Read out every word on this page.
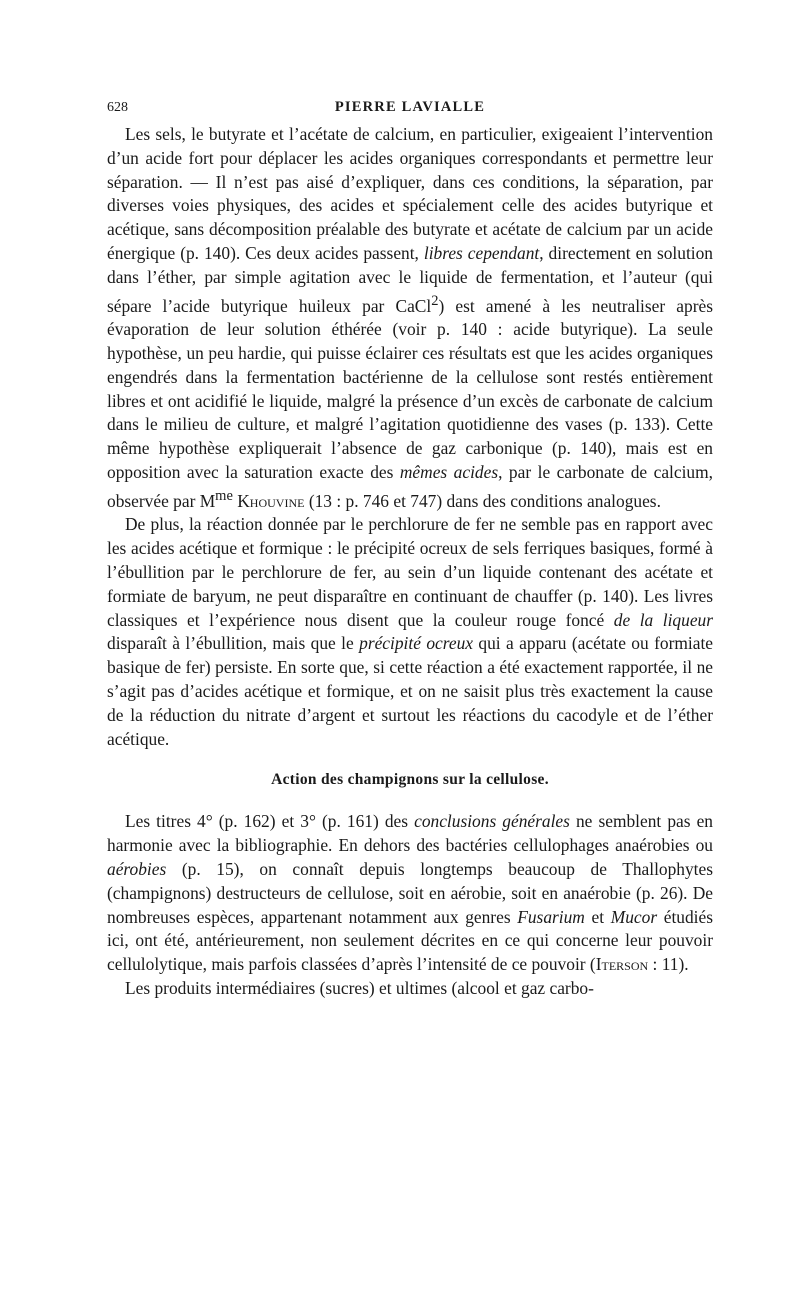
628	PIERRE LAVIALLE

Les sels, le butyrate et l’acétate de calcium, en particulier, exigeaient l’intervention d’un acide fort pour déplacer les acides organiques correspondants et permettre leur séparation. — Il n’est pas aisé d’expliquer, dans ces conditions, la séparation, par diverses voies physiques, des acides et spécialement celle des acides butyrique et acétique, sans décomposition préalable des butyrate et acétate de calcium par un acide énergique (p. 140). Ces deux acides passent, libres cependant, directement en solution dans l’éther, par simple agitation avec le liquide de fermentation, et l’auteur (qui sépare l’acide butyrique huileux par CaCl$^2$) est amené à les neutraliser après évaporation de leur solution éthérée (voir p. 140 : acide butyrique). La seule hypothèse, un peu hardie, qui puisse éclairer ces résultats est que les acides organiques engendrés dans la fermentation bactérienne de la cellulose sont restés entièrement libres et ont acidifié le liquide, malgré la présence d’un excès de carbonate de calcium dans le milieu de culture, et malgré l’agitation quotidienne des vases (p. 133). Cette même hypothèse expliquerait l’absence de gaz carbonique (p. 140), mais est en opposition avec la saturation exacte des mêmes acides, par le carbonate de calcium, observée par $M^{me}$ Khouvine (13 : p. 746 et 747) dans des conditions analogues.

De plus, la réaction donnée par le perchlorure de fer ne semble pas en rapport avec les acides acétique et formique : le précipité ocreux de sels ferriques basiques, formé à l’ébullition par le perchlorure de fer, au sein d’un liquide contenant des acétate et formiate de baryum, ne peut disparaître en continuant de chauffer (p. 140). Les livres classiques et l’expérience nous disent que la couleur rouge foncé de la liqueur disparaît à l’ébullition, mais que le précipité ocreux qui a apparu (acétate ou formiate basique de fer) persiste. En sorte que, si cette réaction a été exactement rapportée, il ne s’agit pas d’acides acétique et formique, et on ne saisit plus très exactement la cause de la réduction du nitrate d’argent et surtout les réactions du cacodyle et de l’éther acétique.

Action des champignons sur la cellulose.

Les titres 4° (p. 162) et 3° (p. 161) des conclusions générales ne semblent pas en harmonie avec la bibliographie. En dehors des bactéries cellulophages anaérobies ou aérobies (p. 15), on connaît depuis longtemps beaucoup de Thallophytes (champignons) destructeurs de cellulose, soit en aérobie, soit en anaérobie (p. 26). De nombreuses espèces, appartenant notamment aux genres Fusarium et Mucor étudiés ici, ont été, antérieurement, non seulement décrites en ce qui concerne leur pouvoir cellulolytique, mais parfois classées d’après l’intensité de ce pouvoir (Iterson : 11).

Les produits intermédiaires (sucres) et ultimes (alcool et gaz carbo-
